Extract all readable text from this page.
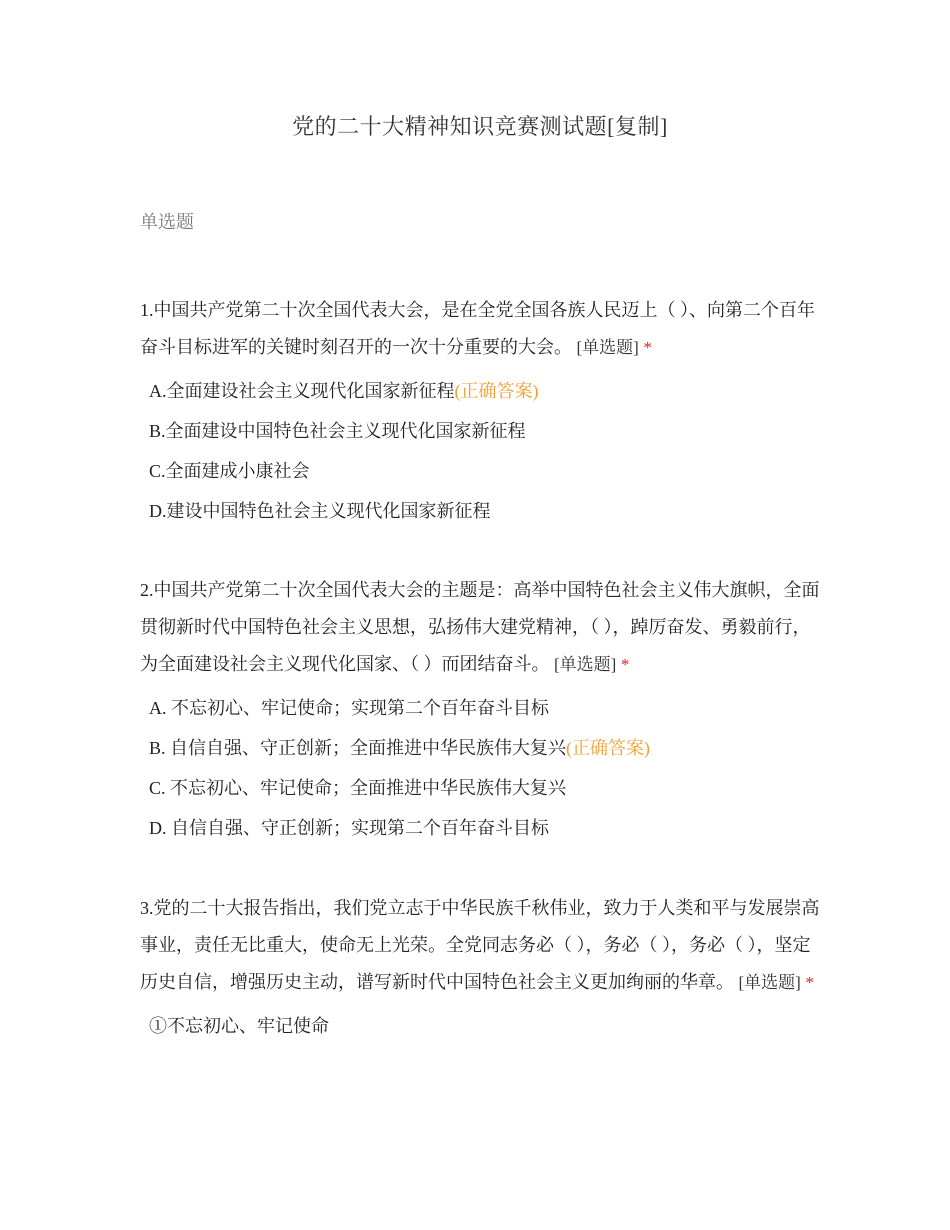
党的二十大精神知识竞赛测试题[复制]
单选题
1.中国共产党第二十次全国代表大会，是在全党全国各族人民迈上（ ）、向第二个百年奋斗目标进军的关键时刻召开的一次十分重要的大会。 [单选题] *
A.全面建设社会主义现代化国家新征程(正确答案)
B.全面建设中国特色社会主义现代化国家新征程
C.全面建成小康社会
D.建设中国特色社会主义现代化国家新征程
2.中国共产党第二十次全国代表大会的主题是：高举中国特色社会主义伟大旗帜，全面贯彻新时代中国特色社会主义思想，弘扬伟大建党精神，（ ），踔厉奋发、勇毅前行，为全面建设社会主义现代化国家、（ ）而团结奋斗。 [单选题] *
A. 不忘初心、牢记使命；实现第二个百年奋斗目标
B. 自信自强、守正创新；全面推进中华民族伟大复兴(正确答案)
C. 不忘初心、牢记使命；全面推进中华民族伟大复兴
D. 自信自强、守正创新；实现第二个百年奋斗目标
3.党的二十大报告指出，我们党立志于中华民族千秋伟业，致力于人类和平与发展崇高事业，责任无比重大，使命无上光荣。全党同志务必（ ），务必（ ），务必（ ），坚定历史自信，增强历史主动，谱写新时代中国特色社会主义更加绚丽的华章。 [单选题] *
①不忘初心、牢记使命
